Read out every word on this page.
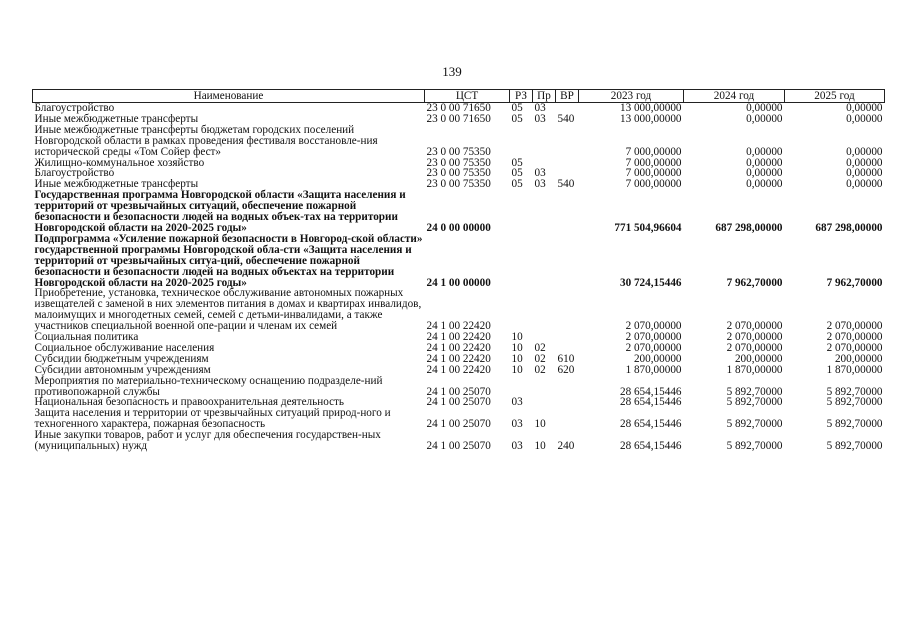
139
Наименование	ЦСТ	РЗ	Пр	ВР	2023 год	2024 год	2025 год
Благоустройство	23 0 00 71650	05	03		13 000,00000	0,00000	0,00000
Иные межбюджетные трансферты	23 0 00 71650	05	03	540	13 000,00000	0,00000	0,00000
Иные межбюджетные трансферты бюджетам городских поселений Новгородской области в рамках проведения фестиваля восстановле-ния исторической среды «Том Сойер фест»	23 0 00 75350				7 000,00000	0,00000	0,00000
Жилищно-коммунальное хозяйство	23 0 00 75350	05			7 000,00000	0,00000	0,00000
Благоустройство	23 0 00 75350	05	03		7 000,00000	0,00000	0,00000
Иные межбюджетные трансферты	23 0 00 75350	05	03	540	7 000,00000	0,00000	0,00000
Государственная программа Новгородской области «Защита населения и территорий от чрезвычайных ситуаций, обеспечение пожарной безопасности и безопасности людей на водных объек-тах на территории Новгородской области на 2020-2025 годы»	24 0 00 00000				771 504,96604	687 298,00000	687 298,00000
Подпрограмма «Усиление пожарной безопасности в Новгород-ской области» государственной программы Новгородской обла-сти «Защита населения и территорий от чрезвычайных ситуа-ций, обеспечение пожарной безопасности и безопасности людей на водных объектах на территории Новгородской области на 2020-2025 годы»	24 1 00 00000				30 724,15446	7 962,70000	7 962,70000
Приобретение, установка, техническое обслуживание автономных пожарных извещателей с заменой в них элементов питания в домах и квартирах инвалидов, малоимущих и многодетных семей, семей с детьми-инвалидами, а также участников специальной военной опе-рации и членам их семей	24 1 00 22420				2 070,00000	2 070,00000	2 070,00000
Социальная политика	24 1 00 22420	10			2 070,00000	2 070,00000	2 070,00000
Социальное обслуживание населения	24 1 00 22420	10	02		2 070,00000	2 070,00000	2 070,00000
Субсидии бюджетным учреждениям	24 1 00 22420	10	02	610	200,00000	200,00000	200,00000
Субсидии автономным учреждениям	24 1 00 22420	10	02	620	1 870,00000	1 870,00000	1 870,00000
Мероприятия по материально-техническому оснащению подразделе-ний противопожарной службы	24 1 00 25070				28 654,15446	5 892,70000	5 892,70000
Национальная безопасность и правоохранительная деятельность	24 1 00 25070	03			28 654,15446	5 892,70000	5 892,70000
Защита населения и территории от чрезвычайных ситуаций природ-ного и техногенного характера, пожарная безопасность	24 1 00 25070	03	10		28 654,15446	5 892,70000	5 892,70000
Иные закупки товаров, работ и услуг для обеспечения государствен-ных (муниципальных) нужд	24 1 00 25070	03	10	240	28 654,15446	5 892,70000	5 892,70000
